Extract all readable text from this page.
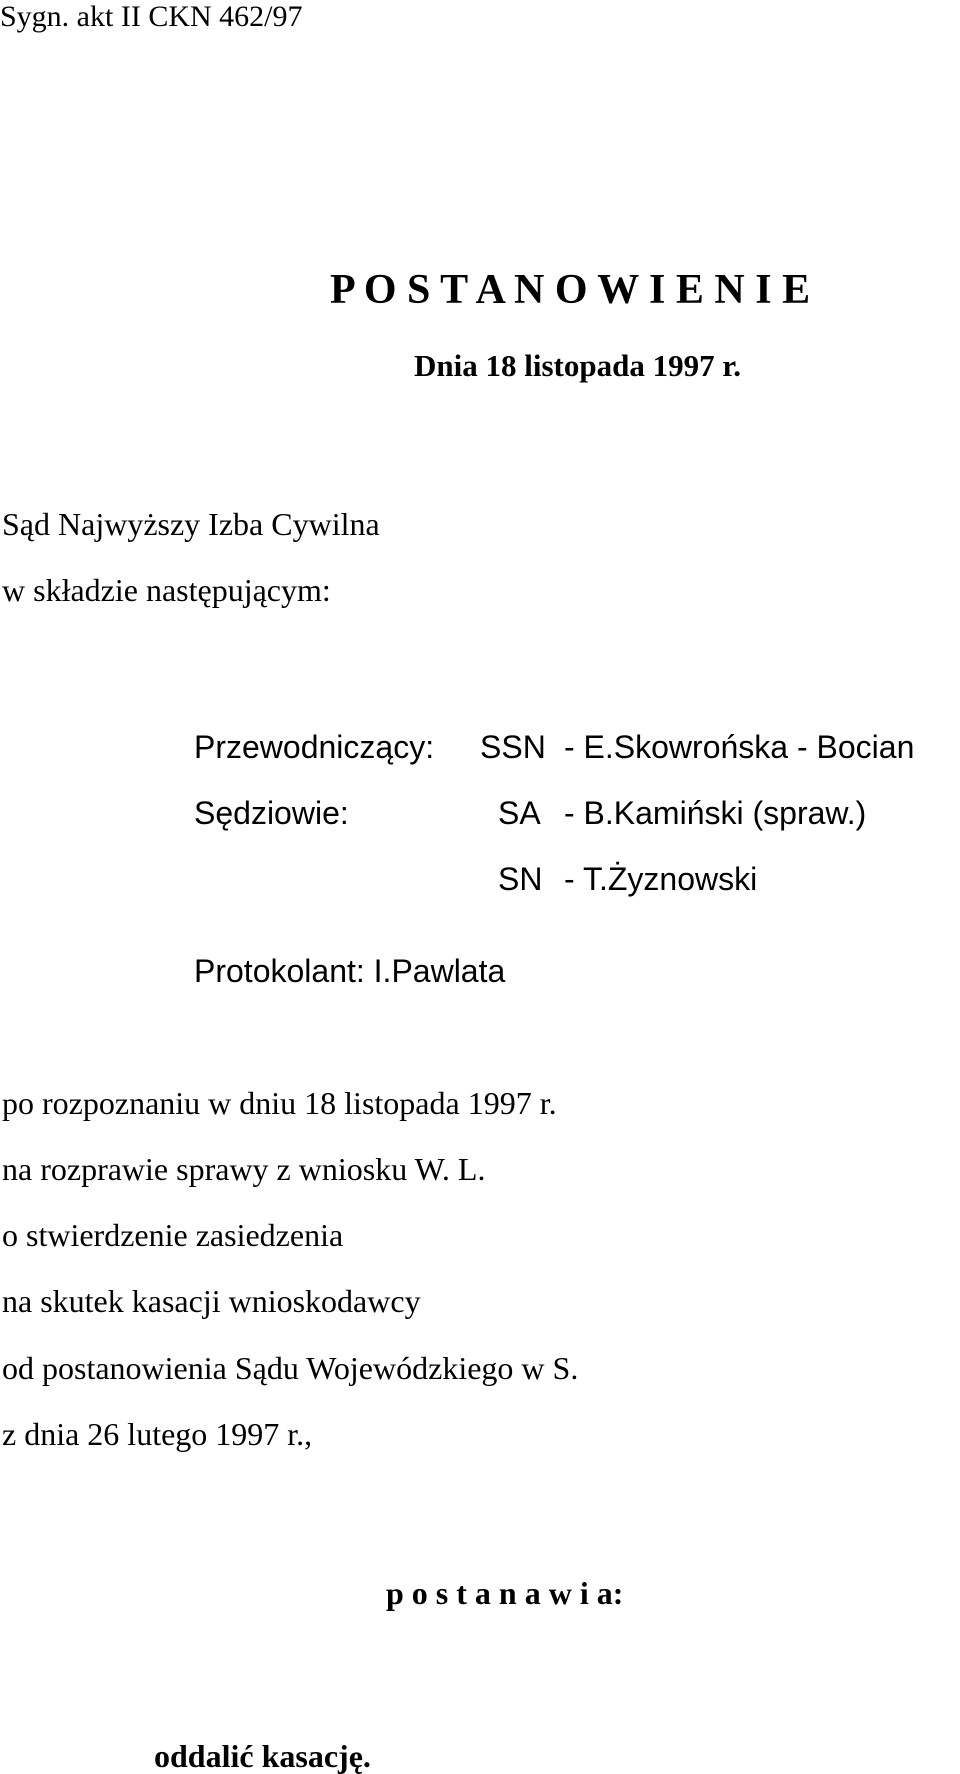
Sygn. akt II CKN 462/97

P O S T A N O W I E N I E

Dnia 18 listopada 1997 r.

Sąd Najwyższy Izba Cywilna

w składzie następującym:

Przewodniczący: SSN - E.Skowrońska - Bocian

Sędziowie:	SA - B.Kamiński (spraw.)

SN - T.Żyznowski

Protokolant: I.Pawlata

po rozpoznaniu w dniu 18 listopada 1997 r.

na rozprawie sprawy z wniosku W. L.

o stwierdzenie zasiedzenia

na skutek kasacji wnioskodawcy

od postanowienia Sądu Wojewódzkiego w S.

z dnia 26 lutego 1997 r.,

p o s t a n a w i a:

oddalić kasację.
